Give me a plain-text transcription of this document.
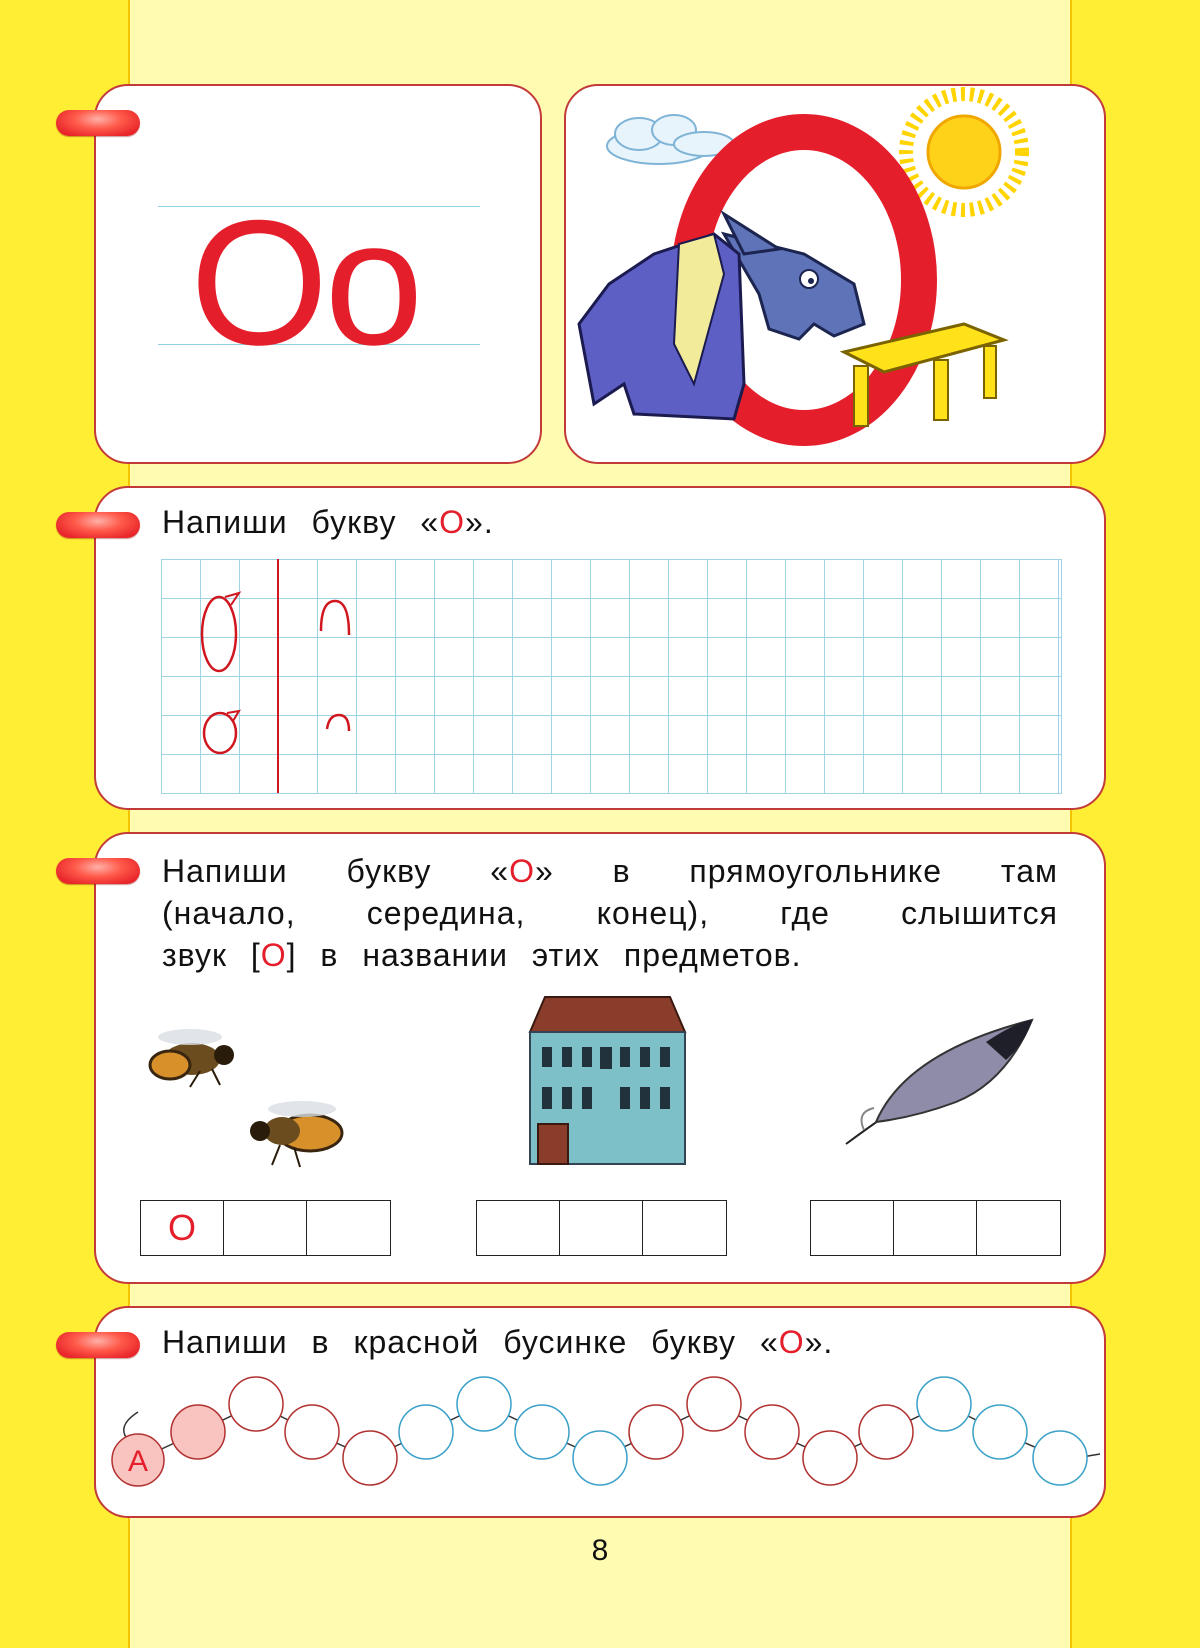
Оо
Напиши букву «О».
Напиши букву «О» в прямоугольнике там
(начало, середина, конец), где слышится
звук [О] в названии этих предметов.
О
Напиши в красной бусинке букву «О».
А
8
